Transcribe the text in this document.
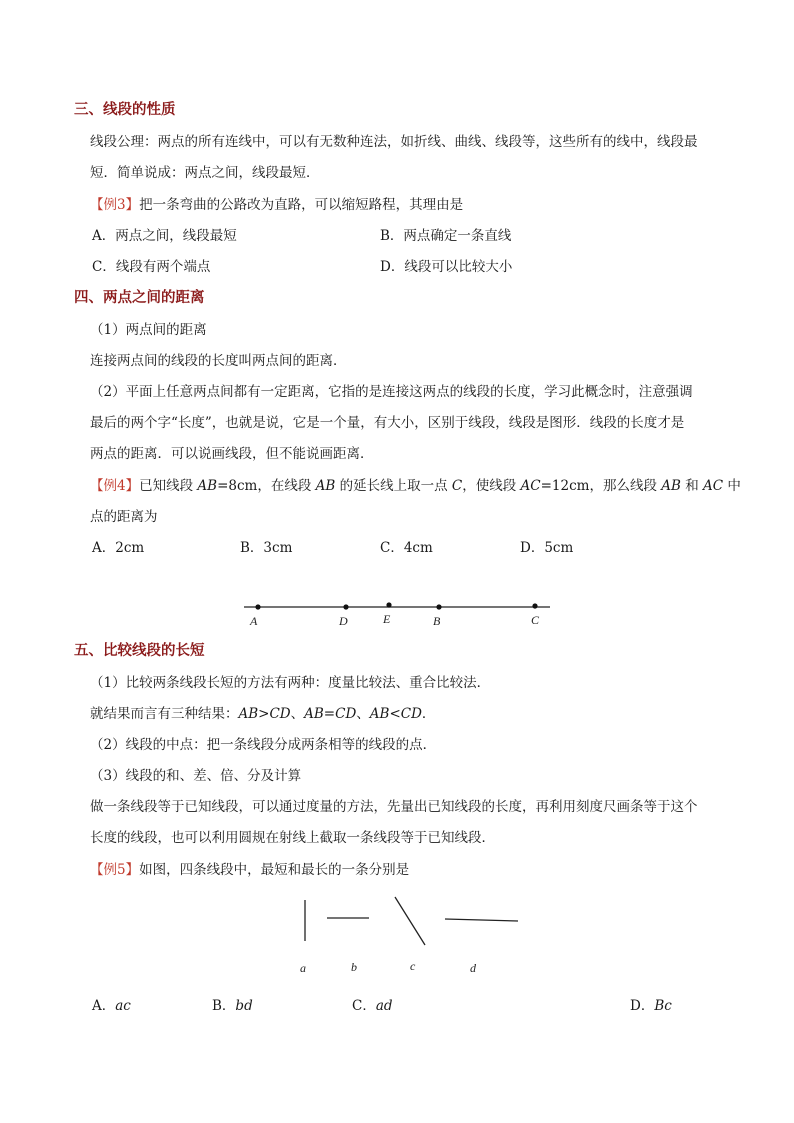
三、线段的性质
线段公理：两点的所有连线中，可以有无数种连法，如折线、曲线、线段等，这些所有的线中，线段最
短．简单说成：两点之间，线段最短．
【例3】把一条弯曲的公路改为直路，可以缩短路程，其理由是
A．两点之间，线段最短	B．两点确定一条直线
C．线段有两个端点	D．线段可以比较大小
四、两点之间的距离
（1）两点间的距离
连接两点间的线段的长度叫两点间的距离．
（2）平面上任意两点间都有一定距离，它指的是连接这两点的线段的长度，学习此概念时，注意强调
最后的两个字“长度”，也就是说，它是一个量，有大小，区别于线段，线段是图形．线段的长度才是
两点的距离．可以说画线段，但不能说画距离．
【例4】已知线段 AB=8cm，在线段 AB 的延长线上取一点 C，使线段 AC=12cm，那么线段 AB 和 AC 中
点的距离为
A．2cm	B．3cm	C．4cm	D．5cm
A	D	E	B	C
五、比较线段的长短
（1）比较两条线段长短的方法有两种：度量比较法、重合比较法．
就结果而言有三种结果：AB>CD、AB=CD、AB<CD．
（2）线段的中点：把一条线段分成两条相等的线段的点．
（3）线段的和、差、倍、分及计算
做一条线段等于已知线段，可以通过度量的方法，先量出已知线段的长度，再利用刻度尺画条等于这个
长度的线段，也可以利用圆规在射线上截取一条线段等于已知线段．
【例5】如图，四条线段中，最短和最长的一条分别是
a	b	c	d
A．ac	B．bd	C．ad	D．Bc
